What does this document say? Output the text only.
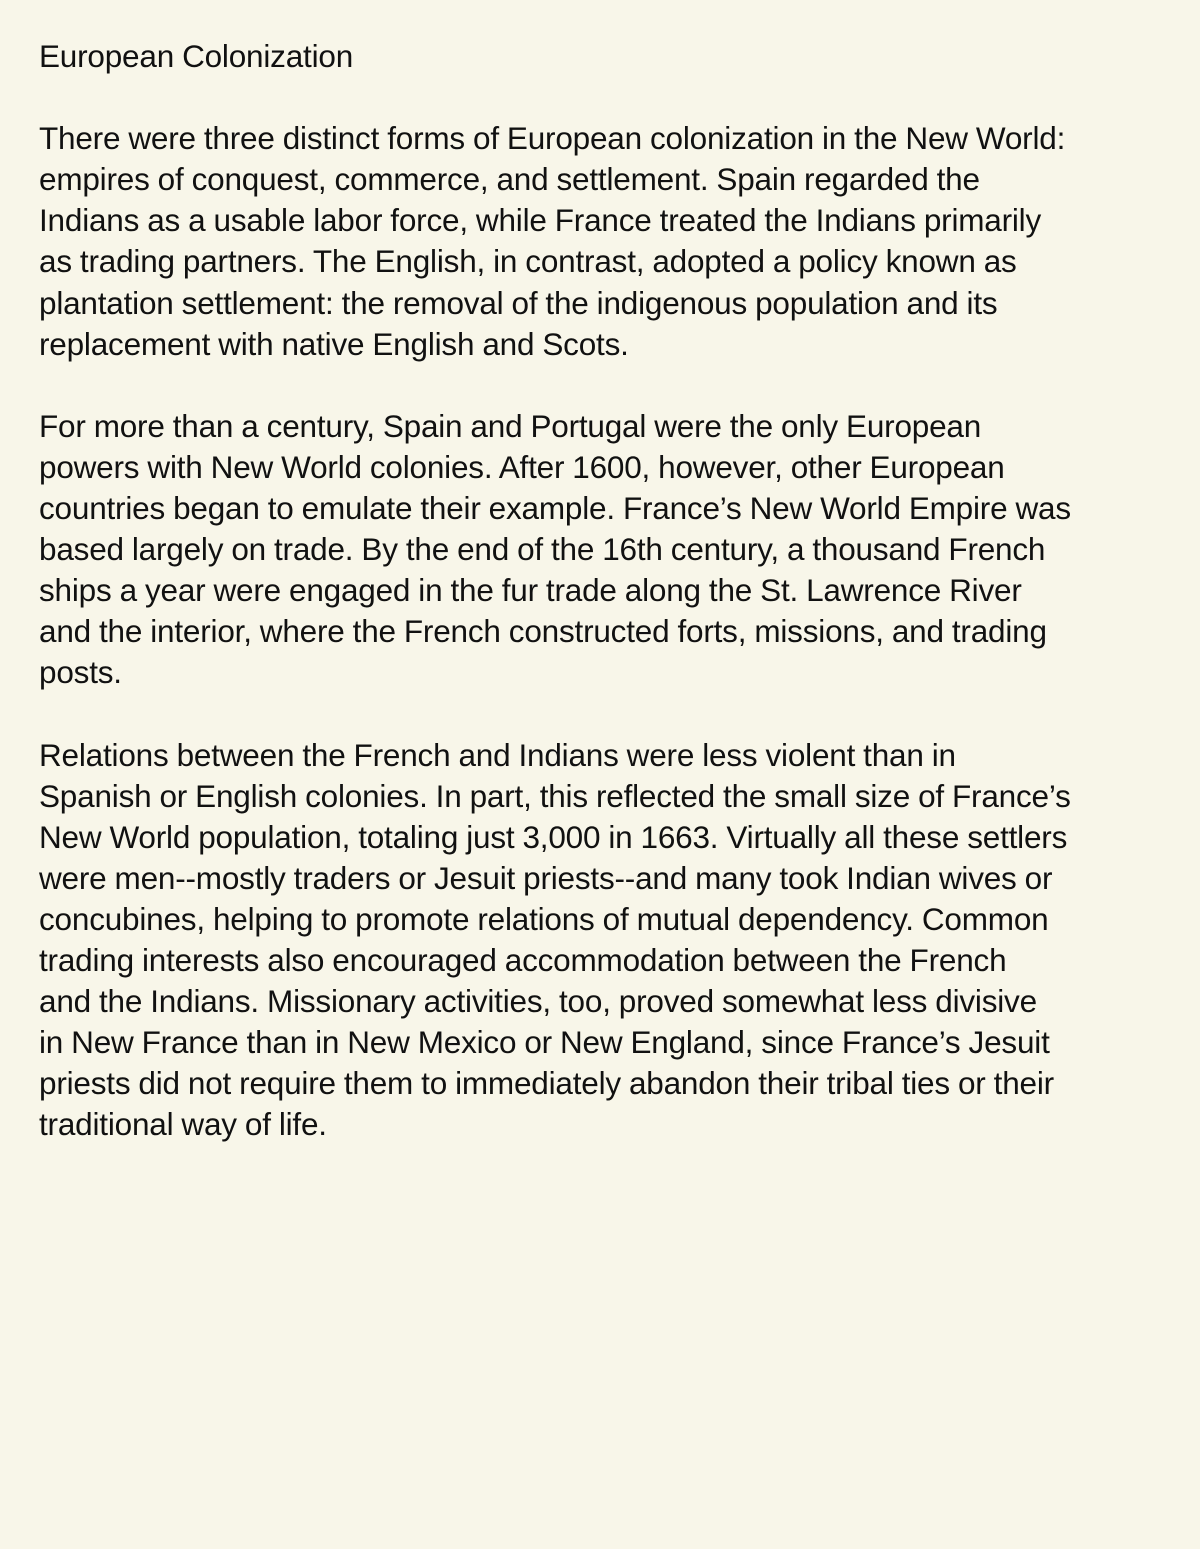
European Colonization

There were three distinct forms of European colonization in the New World:
empires of conquest, commerce, and settlement. Spain regarded the
Indians as a usable labor force, while France treated the Indians primarily
as trading partners. The English, in contrast, adopted a policy known as
plantation settlement: the removal of the indigenous population and its
replacement with native English and Scots.

For more than a century, Spain and Portugal were the only European
powers with New World colonies. After 1600, however, other European
countries began to emulate their example. France’s New World Empire was
based largely on trade. By the end of the 16th century, a thousand French
ships a year were engaged in the fur trade along the St. Lawrence River
and the interior, where the French constructed forts, missions, and trading
posts.

Relations between the French and Indians were less violent than in
Spanish or English colonies. In part, this reflected the small size of France’s
New World population, totaling just 3,000 in 1663. Virtually all these settlers
were men--mostly traders or Jesuit priests--and many took Indian wives or
concubines, helping to promote relations of mutual dependency. Common
trading interests also encouraged accommodation between the French
and the Indians. Missionary activities, too, proved somewhat less divisive
in New France than in New Mexico or New England, since France’s Jesuit
priests did not require them to immediately abandon their tribal ties or their
traditional way of life.
